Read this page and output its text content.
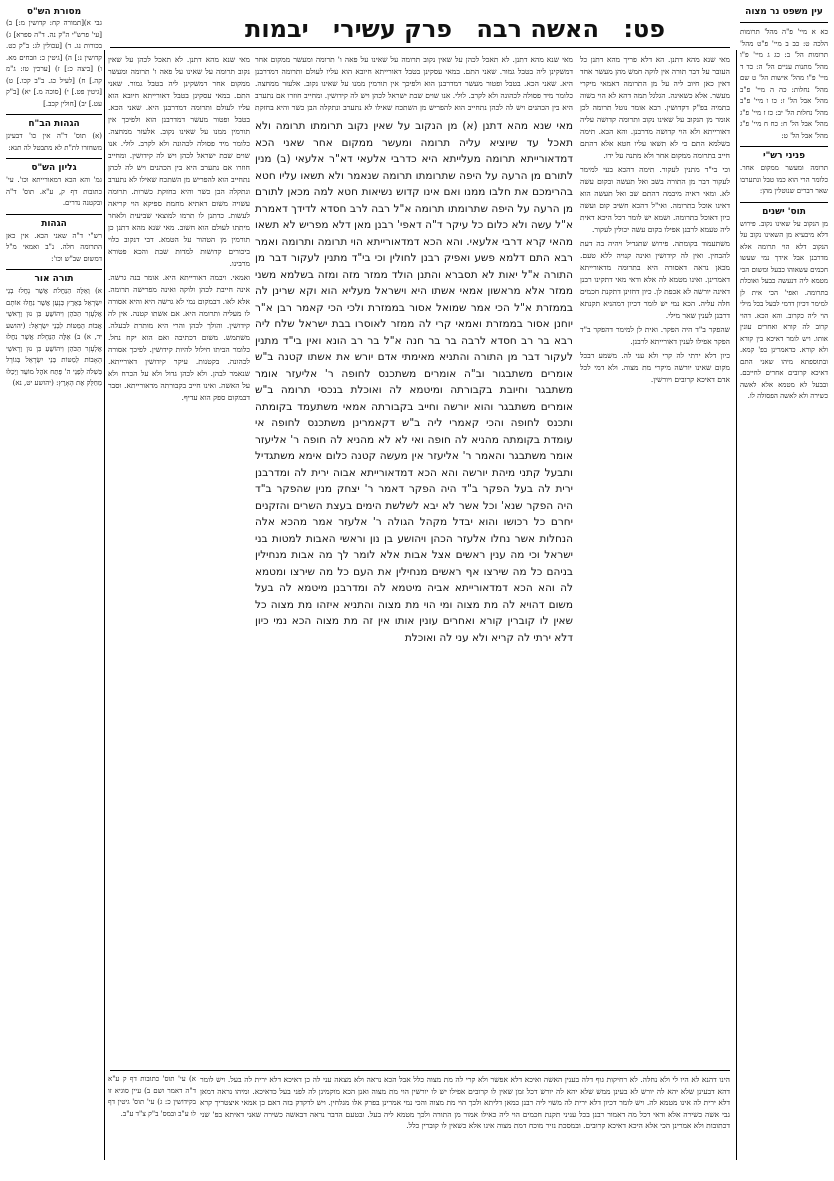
פט:
האשה רבה
פרק עשירי
יבמות
עין משפט נר מצוה
כא א מיי' פ"ה מהל' תרומות הלכה ט: כב ב מיי' פ"ט מהל' תרומות הל' ב: כג ג מיי' פ"ו מהל' מתנות עניים הל' ה: כד ד מיי' פ"ו מהל' אישות הל' ט שם מהל' נחלות: כה ה מיי' פ"ב מהל' אבל הל' ז: כו ו מיי' פ"ב מהל' נחלות הל' יב: כז ז מיי' פ"ג מהל' אבל הל' ח: כח ח מיי' פ"ג מהל' אבל הל' ט:
פניני רש"י
תרומה ומעשר ממקום אחר. כלומר הרי הוא כמו טבל ונתערבו שאר דברים שנוטלין מהן:
תוס' ישנים
מן הנקוב על שאינו נקוב. פירוש דלא מיבעיא מן השאינו נקוב על הנקוב דלא הוי תרומה אלא מדרבנן אבל אידך נמי שעשו חכמים עשאוהו כבעל ומשום הכי מטמא ליה דנעשה כבעל ואוכלת בתרומה. ואפי' הכי אית לן למימר דכיון דדמי לבעל בכל מילי הוי ליה כקרוב. והא הכא. דהוי קרוב לה קורא ואחרים עונין אותו. ויש לומר דאיכא בין קורא ולא קורא. כדאמרינן בפ' קמא. ובתוספתא מיהו שאני התם דאיכא קרובים אחרים לחייבם. ובבעל לא מטמא אלא לאשה כשירה ולא לאשה הפסולה לו.
מאי שנא מהא דתנן. הא דלא פריך מהא דתנן כל העובר על דבר תורה אין לוקה חמש מהן מעשר אחד דאין כאן חיוב ליה על מן התרומה דאמאי מיקרי מעשר. אלא כשאינה. הגלגל תמה דהא לא הוי בשוה בתמיה בפ"ק דקדושין. רבא אומר נוטל תרומה לכן אומר מן הנקוב על שאינו נקוב ותרומה קדושה עליה דאורייתא ולא הוי קדושה מדרבנן. והא הכא. תימה בשלמא התם כי לא תשאו עליו חטא אלא דהתם חייב בתרומה ממקום אחר ולא מתנה על ידו.
וכי בי"ד מתנין לעקור. תימה דהכא בעי למימר לעקור דבר מן התורה בשב ואל תעשה ובקום עשה לא. ומאי ראיה מיבמה דהתם שב ואל תעשה הוא דאינו אוכל בתרומה. ואי"ל דהכא חשיב קום ועשה כיון דאוכל בתרומה. ושמא יש לומר דכל היכא דאית ליה טעמא לרבנן אפילו בקום עשה יכולין לעקור.
משתעמוד בקומתה. פירוש שתגדיל ויהיה בה דעת להבחין. ואין לה קידושין ואינה קנויה ללא טעם. מכאן נראה דאסורה היא בתרומה מדאורייתא דאמרינן. ואינו מטמא לה אלא ודאי מאי דתקינו רבנן דאינה יורשה לא אכפת לן. כיון דחזינן דתקנת חכמים חלה עליה. הכא נמי יש לומר דכיון דמהניא תקנתא דרבנן לענין שאר מילי.
שהפקר ב"ד היה הפקר. ואית לן למימר דהפקר ב"ד הפקר אפילו לענין דאורייתא לרבנן.
כיון דלא ירתי לה קרי ולא עני לה. משמע דבכל מקום שאינו יורשה מיקרי מת מצוה. ולא דמי לכל אדם דאיכא קרובים ויורשין.
מאי שנא מהא דתנן (א) מן הנקוב על שאין נקוב תרומתו תרומה ולא תאכל עד שיוציא עליה תרומה ומעשר ממקום אחר שאני הכא דמדאורייתא תרומה מעלייתא היא כדרבי אלעאי דא"ר אלעאי (ב) מנין לתורם מן הרעה על היפה שתרומתו תרומה שנאמר ולא תשאו עליו חטא בהרימכם את חלבו ממנו ואם אינו קדוש נשיאות חטא למה מכאן לתורם מן הרעה על היפה שתרומתו תרומה א"ל רבה לרב חסדא לדידך דאמרת א"ל עשה ולא כלום כל עיקר ד"ה דאפי' רבנן מאן דלא מפריש לא תשאו מהאי קרא דרבי אלעאי. והא הכא דמדאורייתא הוי תרומה ותרומה ואמר רבא התם דלמא פשע ואפיק רבנן לחולין וכי בי"ד מתנין לעקור דבר מן התורה א"ל יאות לא תסברא והתנן הולד ממזר מזה ומזה בשלמא משני ממזר אלא מראשון אמאי אשתו היא וישראל מעליא הוא וקא שרינן לה בממזרת א"ל הכי אמר שמואל אסור בממזרת ולכי הכי קאמר רבן א"ר יוחנן אסור בממזרת ואמאי קרי לה ממזר לאוסרו בבת ישראל שלח ליה רבא בר רב חסדא לרבה בר בר חנה א"ל בר רב הונא ואין בי"ד מתנין לעקור דבר מן התורה והתניא מאימתי אדם יורש את אשתו קטנה ב"ש אומרים משתבגור וב"ה אומרים משתכנס לחופה ר' אליעזר אומר משתבגר וחיובת בקבורתה ומיטמא לה ואוכלת בנכסי תרומה ב"ש אומרים משתבגר והוא יורשה וחייב בקבורתה אמאי משתעמד בקומתה ותכנס לחופה והכי קאמרי ליה ב"ש דקאמרינן משתכנס לחופה אי עומדת בקומתה מהניא לה חופה ואי לא לא מהניא לה חופה ר' אליעזר אומר משתבגר והאמר ר' אליעזר אין מעשה קטנה כלום אימא משתגדיל ותבעל קתני מיהת יורשה והא הכא דמדאורייתא אבוה ירית לה ומדרבנן ירית לה בעל הפקר ב"ד היה הפקר דאמר ר' יצחק מנין שהפקר ב"ד היה הפקר שנא' וכל אשר לא יבא לשלשת הימים בעצת השרים והזקנים יחרם כל רכושו והוא יבדל מקהל הגולה ר' אלעזר אמר מהכא אלה הנחלות אשר נחלו אלעזר הכהן ויהושע בן נון וראשי האבות למטות בני ישראל וכי מה ענין ראשים אצל אבות אלא לומר לך מה אבות מנחילין בניהם כל מה שירצו אף ראשים מנחילין את העם כל מה שירצו ומטמא לה והא הכא דמדאורייתא אביה מיטמא לה ומדרבנן מיטמא לה בעל משום דהויא לה מת מצוה ומי הוי מת מצוה והתניא איזהו מת מצוה כל שאין לו קוברין קורא ואחרים עונין אותו אין זה מת מצוה הכא נמי כיון דלא ירתי לה קריא ולא עני לה ואוכלת
מאי שנא מהא דתנן. לא תאכל לכהן על שאין נקוב תרומה על שאינו על פאה ו' תרומה ומעשר ממקום אחר דמשקינן ליה בטבל גמור. שאני התם. במאי עסקינן בטבל דאורייתא חיובא הוא עליו לעולם ותרומה דמדרבנן היא. שאני הכא. בטבל ופטור מעשר דמדרבנן הוא ולפיכך אין תורמין ממנו על שאינו נקוב. אלעזר ממחצה. כלומר מיד פסולה לכהונה ולא לקרב. לולי. אנו שוים שבת ישראל לכהן ויש לה קידושין. ומחייב חוזרו אם נתערב היא בין הכהנים ויש לה לכהן נתחייב הוא להפריש מן השתכח שאילו לא נתערב ונתקלה הבן כשר והיא בחזקת כשרות. תרומה עשויה משום דאתיא מחמת ספיקא הוי קריאה לעשות. כדתנן לו תרמו למוצאי שביעית ולאחר מיתתו לעולם הוא חשוב. מאי שנא מהא דתנן כן תורמין מן הטהור על הטמא. דבי דנקוב כלוי ביכורים קדושות למדות שבת והכא פטורא מרבינו.
ואמאי. ויבמה דאורייתא היא. אומר בנה גרשה. אינה חייבת לכהן ולוקה ואינה מפרישה תרומה. אלא לאו. דבמקום נמי לא גרשה היא והיא אסורה לו מעליה ותרומה היא. אם אשתו קטנה. אין לה קידושין. והולך לכהן והרי היא מותרת לבעלה. משתמש. משום דכתיבה ואם הוא יקח נחל. כלומר הביתו חילול להיות קידושין. לפיכך אסורה לכהונה. בקטנות. עיקר קידושין דאורייתא. שנאמר לבהן. ולא לכהן גדול ולא על הכרח ולא על האשה. ואינו חייב בקבורתה מדאורייתא. וסבר דבמקום ספק הוא עדיף.
מאי שנא מהא דתנן. לא תאכל לכהן על שאין נקוב תרומה על שאינו על פאה ו' תרומה ומעשר ממקום אחר דמשקינן ליה בטבל גמור. שאני התם. במאי עסקינן בטבל דאורייתא חיובא הוא עליו לעולם ותרומה דמדרבנן היא. שאני הכא. בטבל ופטור מעשר דמדרבנן הוא ולפיכך אין תורמין ממנו על שאינו נקוב. אלעזר ממחצה. כלומר מיד פסולה לכהונה ולא לקרב. לולי. אנו שוים שבת ישראל לכהן ויש לה קידושין. ומחייב חוזרו אם נתערב היא בין הכהנים ויש לה לכהן נתחייב הוא להפריש מן השתכח שאילו לא נתערב ונתקלה הבן כשר והיא בחזקת
מסורת הש"ס
גבי א)[תמורה קח: קדושין מ:] ב) [עי' פרש"י ה"ק נה. ד"ה ספרא] ג) בכורות נג. ד) [עכולין לג: ב"ק כט. קדושין נ:] ה) [גיטין כ: וזבחים מא. ו) [ביצה כ:] ז) [ערכין טז: ג"מ קה.] ח) [לעיל כג. ב"ב קכו.] ט) [גיטין פט.] י) [סוכה מ.] יא) [ב"ק עט.] יב) [חולין קכב.]
הגהות הב"ח
(א) תוס' ד"ה אין כו' דבעינן משחזרו לת"ת לא מתבטל לה תנא:
גליון הש"ס
גמ' והא הכא דמאורייתא וכו'. עי' כתובות דף ק, ע"א. תוס' ד"ה ובקטנה נדרים.
הגהות
רש"י ד"ה שאני הכא. אין כאן התרומה חלה. נ"ב ואמאי מ"ל דמשום שב"ש וכו':
תורה אור
א) וְאֵלֶּה הַנַּחֲלֹת אֲשֶׁר נָחֲלוּ בְנֵי יִשְׂרָאֵל בְּאֶרֶץ כְּנָעַן אֲשֶׁר נִחֲלוּ אוֹתָם אֶלְעָזָר הַכֹּהֵן וִיהוֹשֻׁעַ בִּן נוּן וְרָאשֵׁי אֲבוֹת הַמַּטּוֹת לִבְנֵי יִשְׂרָאֵל: (יהושע יד, א) ב) אֵלֶּה הַנְּחָלֹת אֲשֶׁר נִחֲלוּ אֶלְעָזָר הַכֹּהֵן וִיהוֹשֻׁעַ בִּן נוּן וְרָאשֵׁי הָאָבוֹת לְמַטּוֹת בְּנֵי יִשְׂרָאֵל בְּגוֹרָל בְּשִׁלֹה לִפְנֵי ה' פֶּתַח אֹהֶל מוֹעֵד וַיְכַלּוּ מֵחַלֵּק אֶת הָאָרֶץ: (יהושע יט, נא)
הינו דהנא לא היו לי ולא נחלה. לא רחיקות גוף דלה בענין האשה ואיכא דלא אפשר ולא קרי לה מת מצוה כלל אבל הכא נראה ולא מצאה עני לה כן דאיכא דלא ירית לה בעל. ויש לומר דהא דבעינן שלא יהא לה יורש לא בעינן ממש שלא יהא לה יורש דכל זמן שאין לו קרובים אפילו יש לו יורשין הוי מת מצוה ואנן הכא מוקמינן לה לפני בעל כדאיכא. ומיהו נראה דמאן דלא ירית לה אינו מטמא לה. ויש לומר דכיון דלא ירית לה משוי ליה רבנן כמאן דליתא ולכך הוי מת מצוה והכי נמי אמרינן בפרק אלו מגלחין. ויש לדקדק בזה דאם כן אמאי איצטריך קרא גבי אשה כשירה אלא ודאי דכל מה דאמור רבנן בכל עניני תקנת חכמים הוי ליה כאילו אמור מן התורה ולכך מטמא ליה בעל. ובטעם הדבר נראה דבאשה כשירה שאני דאיתא בפ' שני דכתובות ולא אמרינן הכי אלא היכא דאיכא קרובים. ובמסכת נזיר מוכח דמת מצוה אינו אלא כשאין לו קוברין כלל.
א) עי' תוס' כתובות דף ק ע"א ד"ה דאמר ושם ב) עיין סוגיא זו בקידושין כ: ג) עי' תוס' גיטין דף לו ע"ב ובמס' ב"ק צ"ד ע"ב.
